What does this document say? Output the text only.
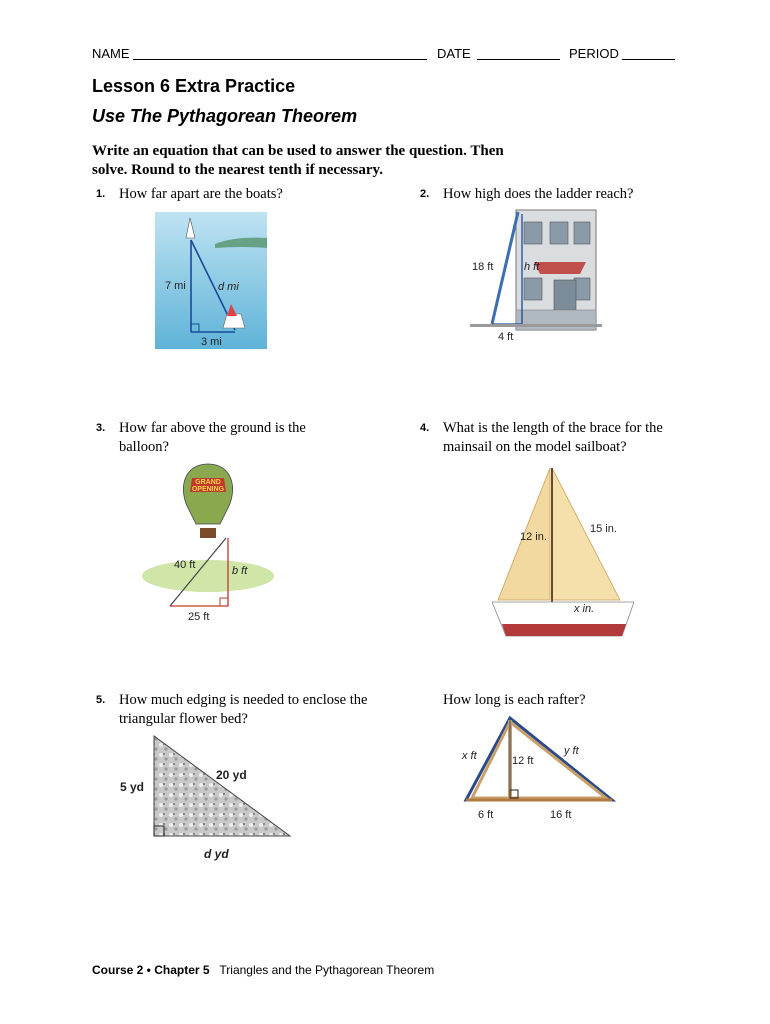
NAME	DATE	PERIOD
Lesson 6 Extra Practice
Use The Pythagorean Theorem
Write an equation that can be used to answer the question. Then solve. Round to the nearest tenth if necessary.
1. How far apart are the boats?
7 mi	d mi
3 mi
2. How high does the ladder reach?
18 ft	h ft
4 ft
3. How far above the ground is the balloon?
GRAND
OPENING
40 ft	b ft
25 ft
4. What is the length of the brace for the mainsail on the model sailboat?
12 in.
15 in.
x in.
5. How much edging is needed to enclose the triangular flower bed?
5 yd
20 yd
d yd
How long is each rafter?
x ft	12 ft
y ft
6 ft	16 ft
Course 2 • Chapter 5 Triangles and the Pythagorean Theorem
